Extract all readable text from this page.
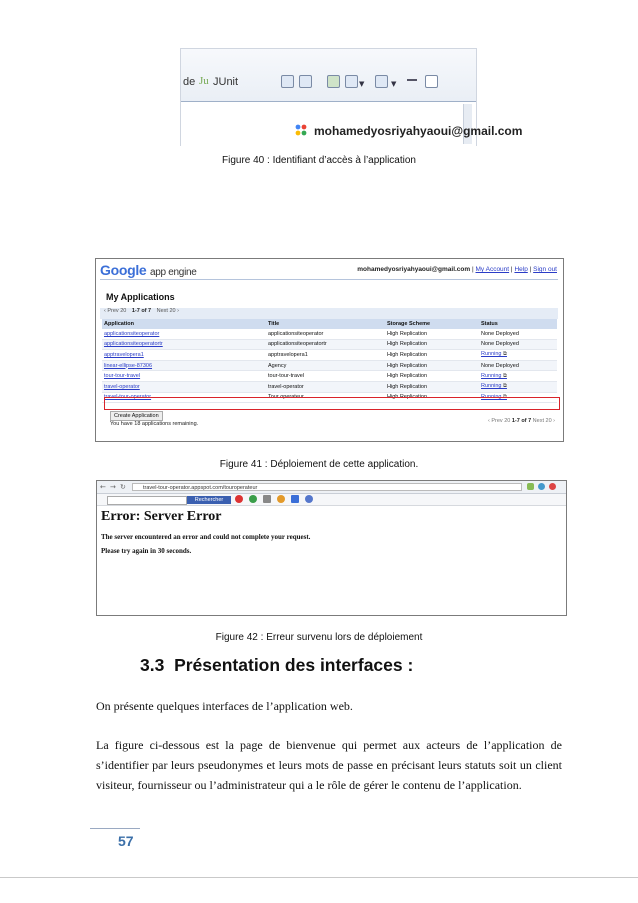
de Ju JUnit	▼	▼
mohamedyosriyahyaoui@gmail.com
Figure 40 : Identifiant d’accès à l’application
Google app engine	mohamedyosriyahyaoui@gmail.com | My Account | Help | Sign out
My Applications
‹ Prev 20 1-7 of 7 Next 20 ›
Application	Title	Storage Scheme	Status
applicationsiteoperator	applicationsiteoperator	High Replication	None Deployed
applicationsiteoperatortr	applicationsiteoperatortr	High Replication	None Deployed
apptravelopera1	apptravelopera1	High Replication	Running ⧉
linear-ellipse-87306	Agency	High Replication	None Deployed
tour-tour-travel	tour-tour-travel	High Replication	Running ⧉
travel-operator	travel-operator	High Replication	Running ⧉
travel-tour-operator	Tour operateur	High Replication	Running ⧉
Create Application
You have 18 applications remaining.	‹ Prev 20 1-7 of 7 Next 20 ›
Figure 41 : Déploiement de cette application.
← → ↻	travel-tour-operator.appspot.com/touroperateur
Rechercher
Error: Server Error
The server encountered an error and could not complete your request.
Please try again in 30 seconds.
Figure 42 : Erreur survenu lors de déploiement
3.3 Présentation des interfaces :

On présente quelques interfaces de l’application web.

La figure ci-dessous est la page de bienvenue qui permet aux acteurs de l’application de s’identifier par leurs pseudonymes et leurs mots de passe en précisant leurs statuts soit un client visiteur, fournisseur ou l’administrateur qui a le rôle de gérer le contenu de l’application.

57
